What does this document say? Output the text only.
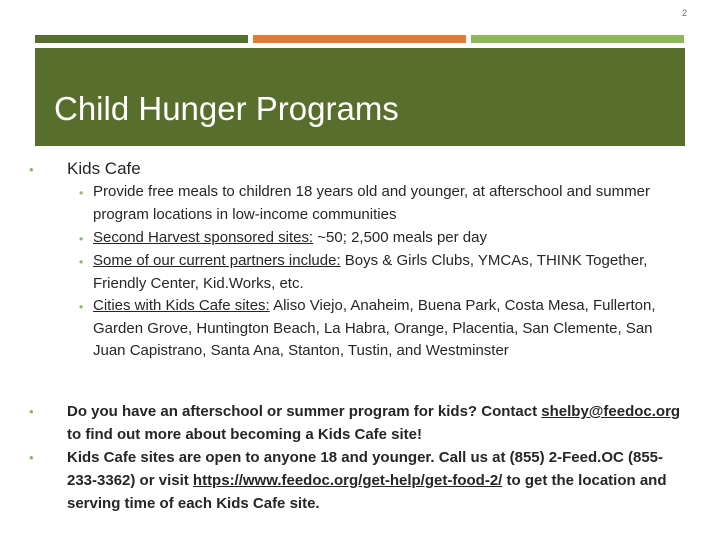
2
Child Hunger Programs
• Kids Cafe
• Provide free meals to children 18 years old and younger, at afterschool and summer program locations in low-income communities
• Second Harvest sponsored sites: ~50; 2,500 meals per day
• Some of our current partners include: Boys & Girls Clubs, YMCAs, THINK Together, Friendly Center, Kid.Works, etc.
• Cities with Kids Cafe sites: Aliso Viejo, Anaheim, Buena Park, Costa Mesa, Fullerton, Garden Grove, Huntington Beach, La Habra, Orange, Placentia, San Clemente, San Juan Capistrano, Santa Ana, Stanton, Tustin, and Westminster
• Do you have an afterschool or summer program for kids? Contact shelby@feedoc.org to find out more about becoming a Kids Cafe site!
• Kids Cafe sites are open to anyone 18 and younger. Call us at (855) 2-Feed.OC (855-233-3362) or visit https://www.feedoc.org/get-help/get-food-2/ to get the location and serving time of each Kids Cafe site.
